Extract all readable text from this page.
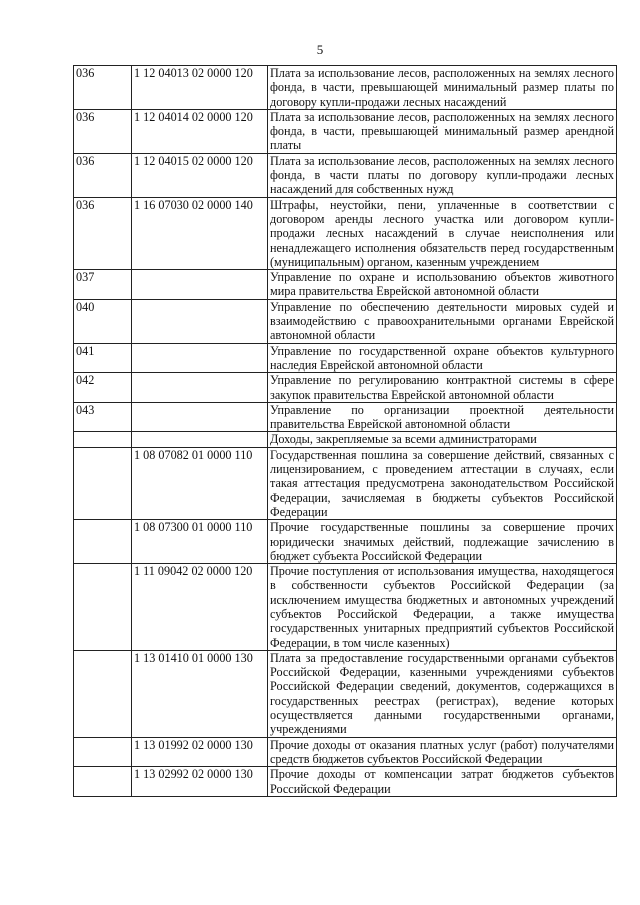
5
036	1 12 04013 02 0000 120	Плата за использование лесов, расположенных на землях лесного фонда, в части, превышающей минимальный размер платы по договору купли-продажи лесных насаждений
036	1 12 04014 02 0000 120	Плата за использование лесов, расположенных на землях лесного фонда, в части, превышающей минимальный размер арендной платы
036	1 12 04015 02 0000 120	Плата за использование лесов, расположенных на землях лесного фонда, в части платы по договору купли-продажи лесных насаждений для собственных нужд
036	1 16 07030 02 0000 140	Штрафы, неустойки, пени, уплаченные в соответствии с договором аренды лесного участка или договором купли-продажи лесных насаждений в случае неисполнения или ненадлежащего исполнения обязательств перед государственным (муниципальным) органом, казенным учреждением
037		Управление по охране и использованию объектов животного мира правительства Еврейской автономной области
040		Управление по обеспечению деятельности мировых судей и взаимодействию с правоохранительными органами Еврейской автономной области
041		Управление по государственной охране объектов культурного наследия Еврейской автономной области
042		Управление по регулированию контрактной системы в сфере закупок правительства Еврейской автономной области
043		Управление по организации проектной деятельности правительства Еврейской автономной области
		Доходы, закрепляемые за всеми администраторами
	1 08 07082 01 0000 110	Государственная пошлина за совершение действий, связанных с лицензированием, с проведением аттестации в случаях, если такая аттестация предусмотрена законодательством Российской Федерации, зачисляемая в бюджеты субъектов Российской Федерации
	1 08 07300 01 0000 110	Прочие государственные пошлины за совершение прочих юридически значимых действий, подлежащие зачислению в бюджет субъекта Российской Федерации
	1 11 09042 02 0000 120	Прочие поступления от использования имущества, находящегося в собственности субъектов Российской Федерации (за исключением имущества бюджетных и автономных учреждений субъектов Российской Федерации, а также имущества государственных унитарных предприятий субъектов Российской Федерации, в том числе казенных)
	1 13 01410 01 0000 130	Плата за предоставление государственными органами субъектов Российской Федерации, казенными учреждениями субъектов Российской Федерации сведений, документов, содержащихся в государственных реестрах (регистрах), ведение которых осуществляется данными государственными органами, учреждениями
	1 13 01992 02 0000 130	Прочие доходы от оказания платных услуг (работ) получателями средств бюджетов субъектов Российской Федерации
	1 13 02992 02 0000 130	Прочие доходы от компенсации затрат бюджетов субъектов Российской Федерации
